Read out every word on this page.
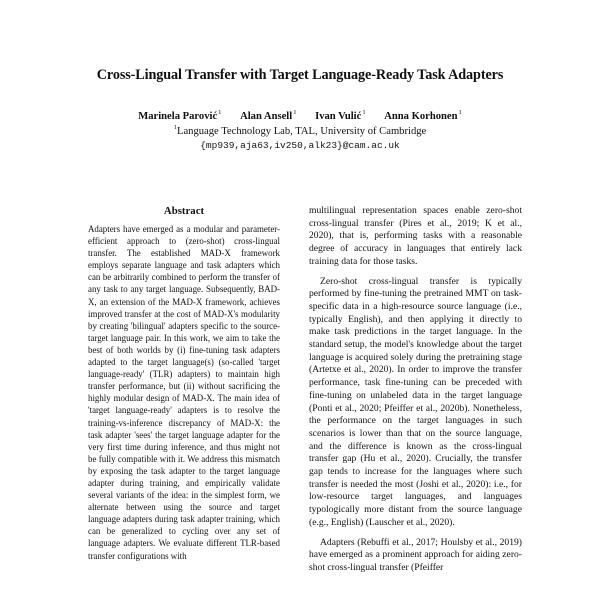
Cross-Lingual Transfer with Target Language-Ready Task Adapters
Marinela Parović$^1$ Alan Ansell$^1$ Ivan Vulić$^1$ Anna Korhonen$^1$
$^1$Language Technology Lab, TAL, University of Cambridge
{mp939,aja63,iv250,alk23}@cam.ac.uk
Abstract

Adapters have emerged as a modular and parameter-efficient approach to (zero-shot) cross-lingual transfer. The established MAD-X framework employs separate language and task adapters which can be arbitrarily combined to perform the transfer of any task to any target language. Subsequently, BAD-X, an extension of the MAD-X framework, achieves improved transfer at the cost of MAD-X's modularity by creating 'bilingual' adapters specific to the source-target language pair. In this work, we aim to take the best of both worlds by (i) fine-tuning task adapters adapted to the target language(s) (so-called 'target language-ready' (TLR) adapters) to maintain high transfer performance, but (ii) without sacrificing the highly modular design of MAD-X. The main idea of 'target language-ready' adapters is to resolve the training-vs-inference discrepancy of MAD-X: the task adapter 'sees' the target language adapter for the very first time during inference, and thus might not be fully compatible with it. We address this mismatch by exposing the task adapter to the target language adapter during training, and empirically validate several variants of the idea: in the simplest form, we alternate between using the source and target language adapters during task adapter training, which can be generalized to cycling over any set of language adapters. We evaluate different TLR-based transfer configurations with

multilingual representation spaces enable zero-shot cross-lingual transfer (Pires et al., 2019; K et al., 2020), that is, performing tasks with a reasonable degree of accuracy in languages that entirely lack training data for those tasks.

Zero-shot cross-lingual transfer is typically performed by fine-tuning the pretrained MMT on task-specific data in a high-resource source language (i.e., typically English), and then applying it directly to make task predictions in the target language. In the standard setup, the model's knowledge about the target language is acquired solely during the pretraining stage (Artetxe et al., 2020). In order to improve the transfer performance, task fine-tuning can be preceded with fine-tuning on unlabeled data in the target language (Ponti et al., 2020; Pfeiffer et al., 2020b). Nonetheless, the performance on the target languages in such scenarios is lower than that on the source language, and the difference is known as the cross-lingual transfer gap (Hu et al., 2020). Crucially, the transfer gap tends to increase for the languages where such transfer is needed the most (Joshi et al., 2020): i.e., for low-resource target languages, and languages typologically more distant from the source language (e.g., English) (Lauscher et al., 2020).

Adapters (Rebuffi et al., 2017; Houlsby et al., 2019) have emerged as a prominent approach for aiding zero-shot cross-lingual transfer (Pfeiffer
